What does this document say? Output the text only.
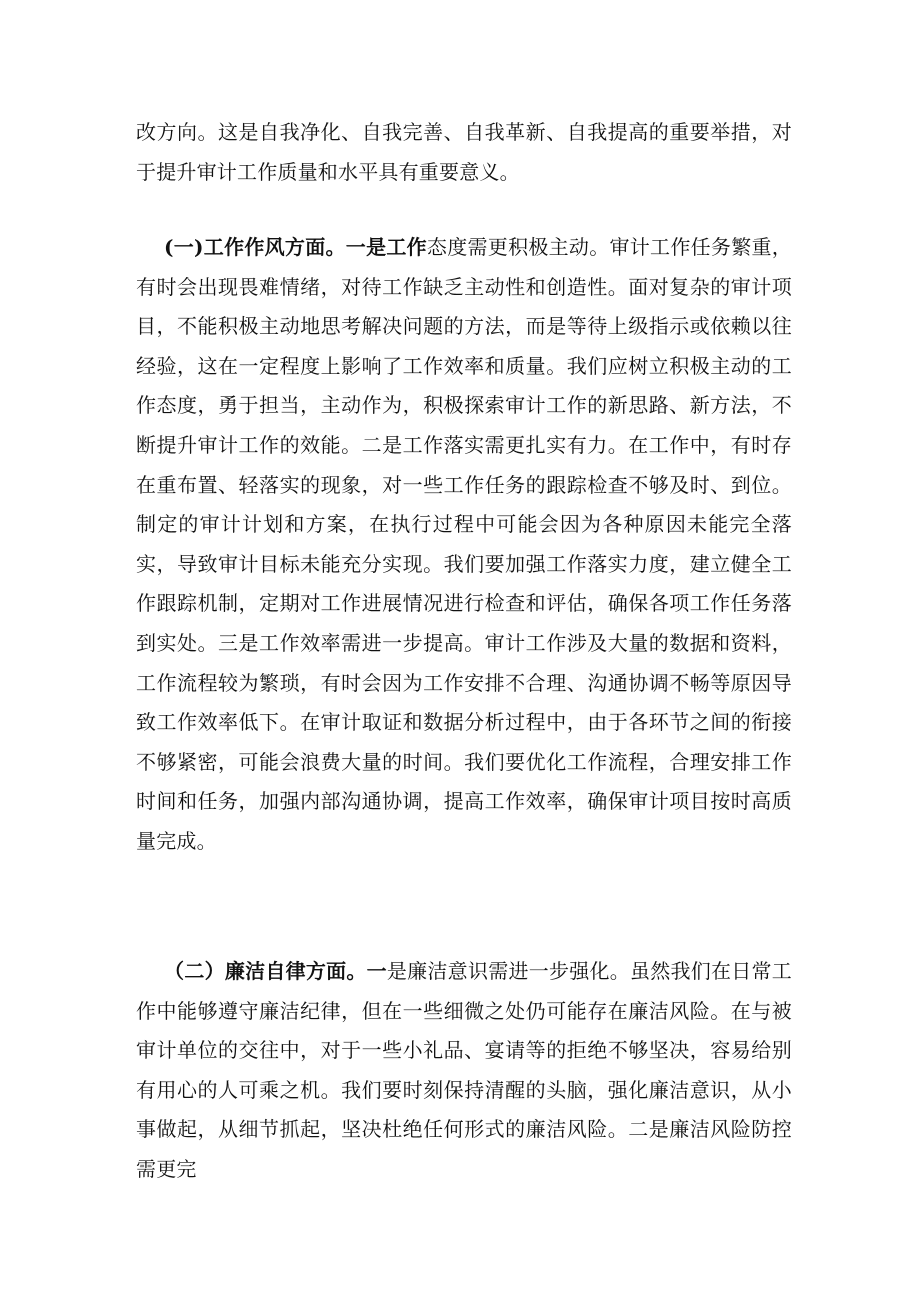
改方向。这是自我净化、自我完善、自我革新、自我提高的重要举措，对于提升审计工作质量和水平具有重要意义。
(一)工作作风方面。一是工作态度需更积极主动。审计工作任务繁重，有时会出现畏难情绪，对待工作缺乏主动性和创造性。面对复杂的审计项目，不能积极主动地思考解决问题的方法，而是等待上级指示或依赖以往经验，这在一定程度上影响了工作效率和质量。我们应树立积极主动的工作态度，勇于担当，主动作为，积极探索审计工作的新思路、新方法，不断提升审计工作的效能。二是工作落实需更扎实有力。在工作中，有时存在重布置、轻落实的现象，对一些工作任务的跟踪检查不够及时、到位。制定的审计计划和方案，在执行过程中可能会因为各种原因未能完全落实，导致审计目标未能充分实现。我们要加强工作落实力度，建立健全工作跟踪机制，定期对工作进展情况进行检查和评估，确保各项工作任务落到实处。三是工作效率需进一步提高。审计工作涉及大量的数据和资料，工作流程较为繁琐，有时会因为工作安排不合理、沟通协调不畅等原因导致工作效率低下。在审计取证和数据分析过程中，由于各环节之间的衔接不够紧密，可能会浪费大量的时间。我们要优化工作流程，合理安排工作时间和任务，加强内部沟通协调，提高工作效率，确保审计项目按时高质量完成。
（二）廉洁自律方面。一是廉洁意识需进一步强化。虽然我们在日常工作中能够遵守廉洁纪律，但在一些细微之处仍可能存在廉洁风险。在与被审计单位的交往中，对于一些小礼品、宴请等的拒绝不够坚决，容易给别有用心的人可乘之机。我们要时刻保持清醒的头脑，强化廉洁意识，从小事做起，从细节抓起，坚决杜绝任何形式的廉洁风险。二是廉洁风险防控需更完
